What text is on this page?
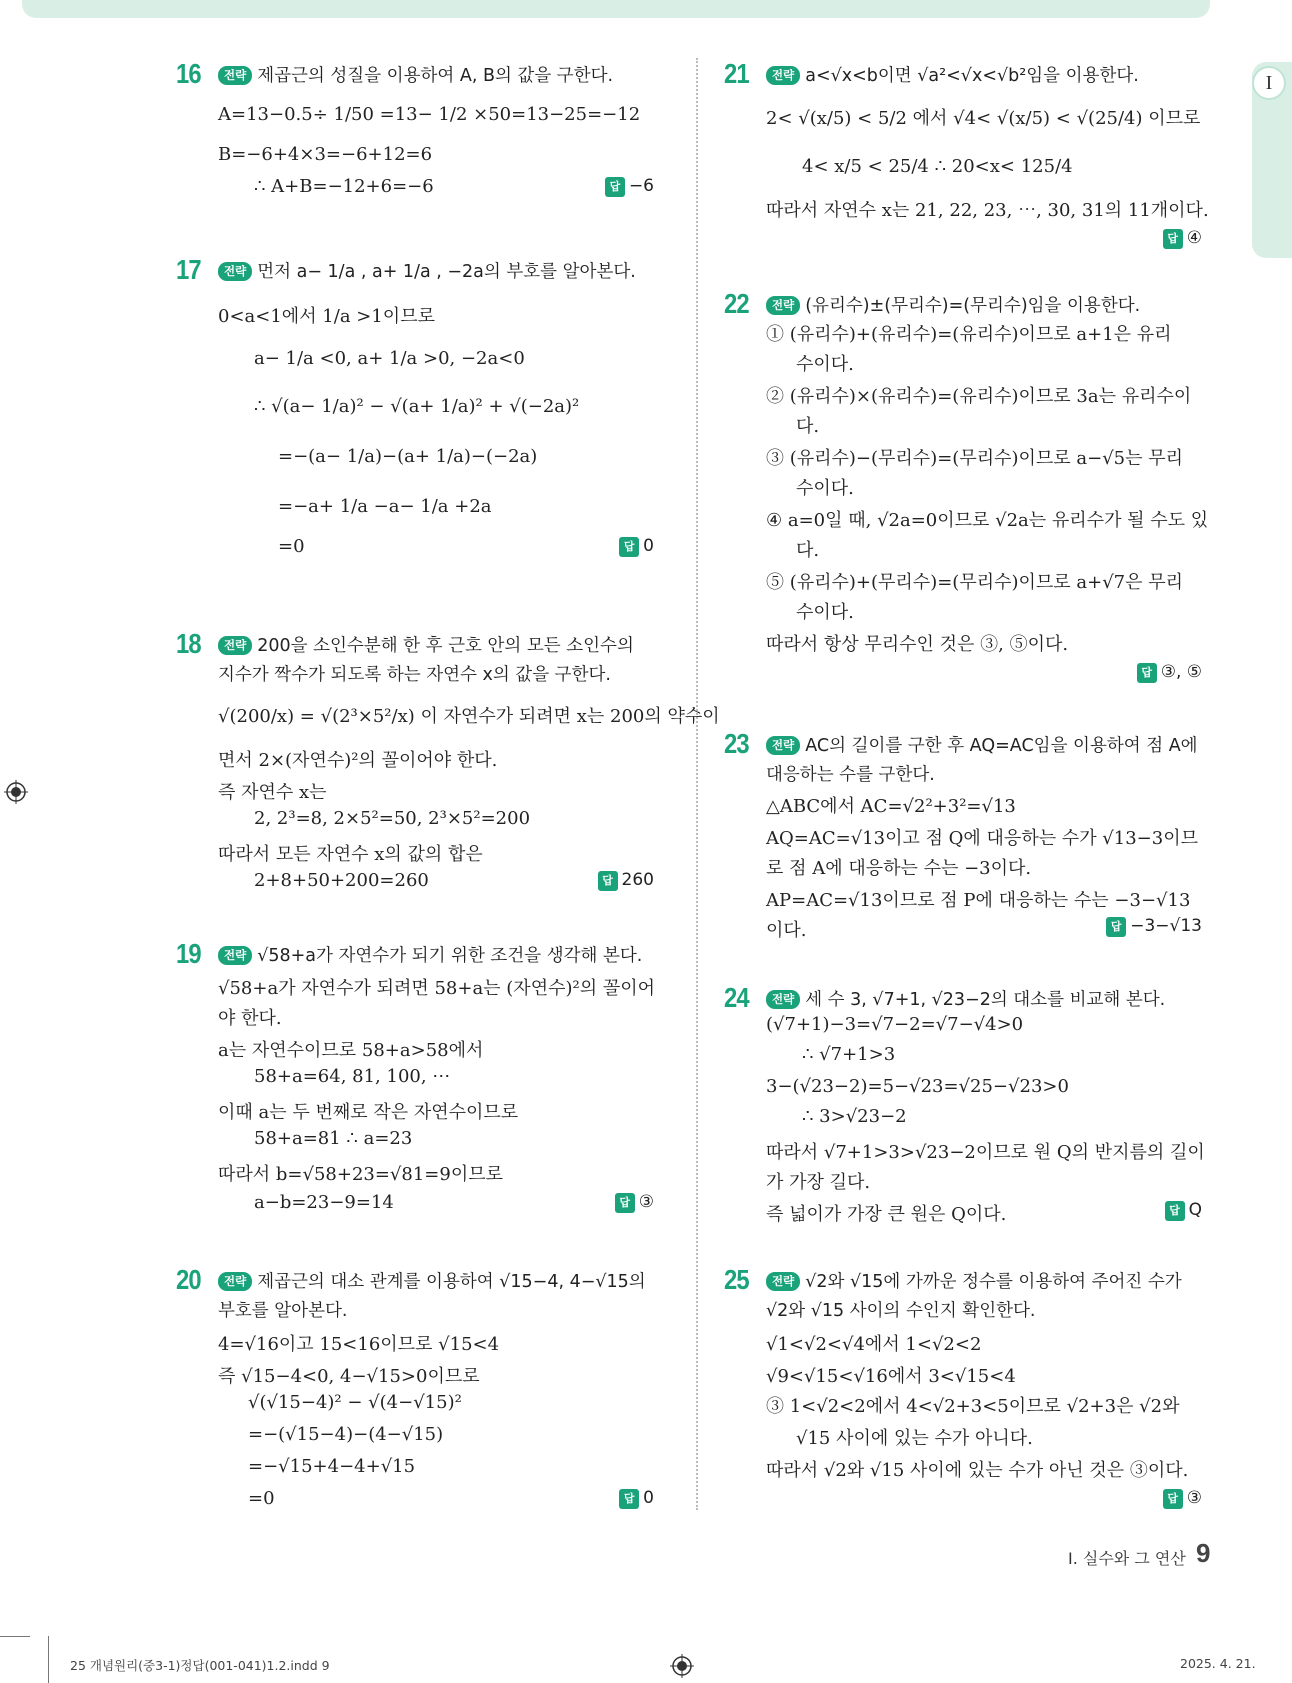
I
16	전략 제곱근의 성질을 이용하여 A, B의 값을 구한다.
A=13−0.5÷ 1/50 =13− 1/2 ×50=13−25=−12
B=−6+4×3=−6+12=6
∴ A+B=−12+6=−6	답 −6
17	전략 먼저 a− 1/a , a+ 1/a , −2a의 부호를 알아본다.
0<a<1에서 1/a >1이므로
a− 1/a <0, a+ 1/a >0, −2a<0
∴ √(a− 1/a)² − √(a+ 1/a)² + √(−2a)²
=−(a− 1/a)−(a+ 1/a)−(−2a)
=−a+ 1/a −a− 1/a +2a
=0	답 0
18	전략 200을 소인수분해 한 후 근호 안의 모든 소인수의 지수가 짝수가 되도록 하는 자연수 x의 값을 구한다.
√(200/x) = √(2³×5²/x) 이 자연수가 되려면 x는 200의 약수이
면서 2×(자연수)²의 꼴이어야 한다.
즉 자연수 x는
2, 2³=8, 2×5²=50, 2³×5²=200
따라서 모든 자연수 x의 값의 합은
2+8+50+200=260	답 260
19	전략 √58+a가 자연수가 되기 위한 조건을 생각해 본다.
√58+a가 자연수가 되려면 58+a는 (자연수)²의 꼴이어
야 한다.
a는 자연수이므로 58+a>58에서
58+a=64, 81, 100, ⋯
이때 a는 두 번째로 작은 자연수이므로
58+a=81 ∴ a=23
따라서 b=√58+23=√81=9이므로
a−b=23−9=14	답 ③
20	전략 제곱근의 대소 관계를 이용하여 √15−4, 4−√15의 부호를 알아본다.
4=√16이고 15<16이므로 √15<4
즉 √15−4<0, 4−√15>0이므로
√(√15−4)² − √(4−√15)²
=−(√15−4)−(4−√15)
=−√15+4−4+√15
=0	답 0
21	전략 a<√x<b이면 √a²<√x<√b²임을 이용한다.
2< √(x/5) < 5/2 에서 √4< √(x/5) < √(25/4) 이므로
4< x/5 < 25/4 ∴ 20<x< 125/4
따라서 자연수 x는 21, 22, 23, ⋯, 30, 31의 11개이다.
답 ④
22	전략 (유리수)±(무리수)=(무리수)임을 이용한다.
① (유리수)+(유리수)=(유리수)이므로 a+1은 유리
수이다.
② (유리수)×(유리수)=(유리수)이므로 3a는 유리수이
다.
③ (유리수)−(무리수)=(무리수)이므로 a−√5는 무리
수이다.
④ a=0일 때, √2a=0이므로 √2a는 유리수가 될 수도 있
다.
⑤ (유리수)+(무리수)=(무리수)이므로 a+√7은 무리
수이다.
따라서 항상 무리수인 것은 ③, ⑤이다.
답 ③, ⑤
23	전략 AC의 길이를 구한 후 AQ=AC임을 이용하여 점 A에 대응하는 수를 구한다.
△ABC에서 AC=√2²+3²=√13
AQ=AC=√13이고 점 Q에 대응하는 수가 √13−3이므
로 점 A에 대응하는 수는 −3이다.
AP=AC=√13이므로 점 P에 대응하는 수는 −3−√13
이다.	답 −3−√13
24	전략 세 수 3, √7+1, √23−2의 대소를 비교해 본다.
(√7+1)−3=√7−2=√7−√4>0
∴ √7+1>3
3−(√23−2)=5−√23=√25−√23>0
∴ 3>√23−2
따라서 √7+1>3>√23−2이므로 원 Q의 반지름의 길이
가 가장 길다.
즉 넓이가 가장 큰 원은 Q이다.	답 Q
25	전략 √2와 √15에 가까운 정수를 이용하여 주어진 수가 √2와 √15 사이의 수인지 확인한다.
√1<√2<√4에서 1<√2<2
√9<√15<√16에서 3<√15<4
③ 1<√2<2에서 4<√2+3<5이므로 √2+3은 √2와
√15 사이에 있는 수가 아니다.
따라서 √2와 √15 사이에 있는 수가 아닌 것은 ③이다.
답 ③
I. 실수와 그 연산 9
25 개념원리(중3-1)정답(001-041)1.2.indd 9	2025. 4. 21.
